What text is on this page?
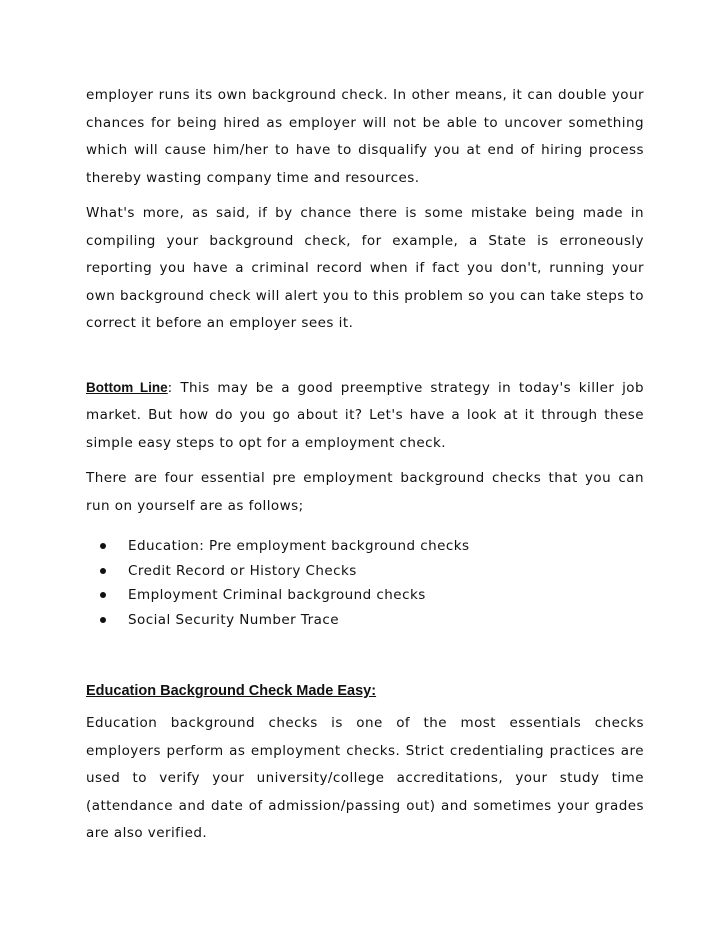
employer runs its own background check. In other means, it can double your chances for being hired as employer will not be able to uncover something which will cause him/her to have to disqualify you at end of hiring process thereby wasting company time and resources.

What's more, as said, if by chance there is some mistake being made in compiling your background check, for example, a State is erroneously reporting you have a criminal record when if fact you don't, running your own background check will alert you to this problem so you can take steps to correct it before an employer sees it.

Bottom Line: This may be a good preemptive strategy in today's killer job market. But how do you go about it? Let's have a look at it through these simple easy steps to opt for a employment check.

There are four essential pre employment background checks that you can run on yourself are as follows;

Education: Pre employment background checks
Credit Record or History Checks
Employment Criminal background checks
Social Security Number Trace

Education Background Check Made Easy:

Education background checks is one of the most essentials checks employers perform as employment checks. Strict credentialing practices are used to verify your university/college accreditations, your study time (attendance and date of admission/passing out) and sometimes your grades are also verified.
